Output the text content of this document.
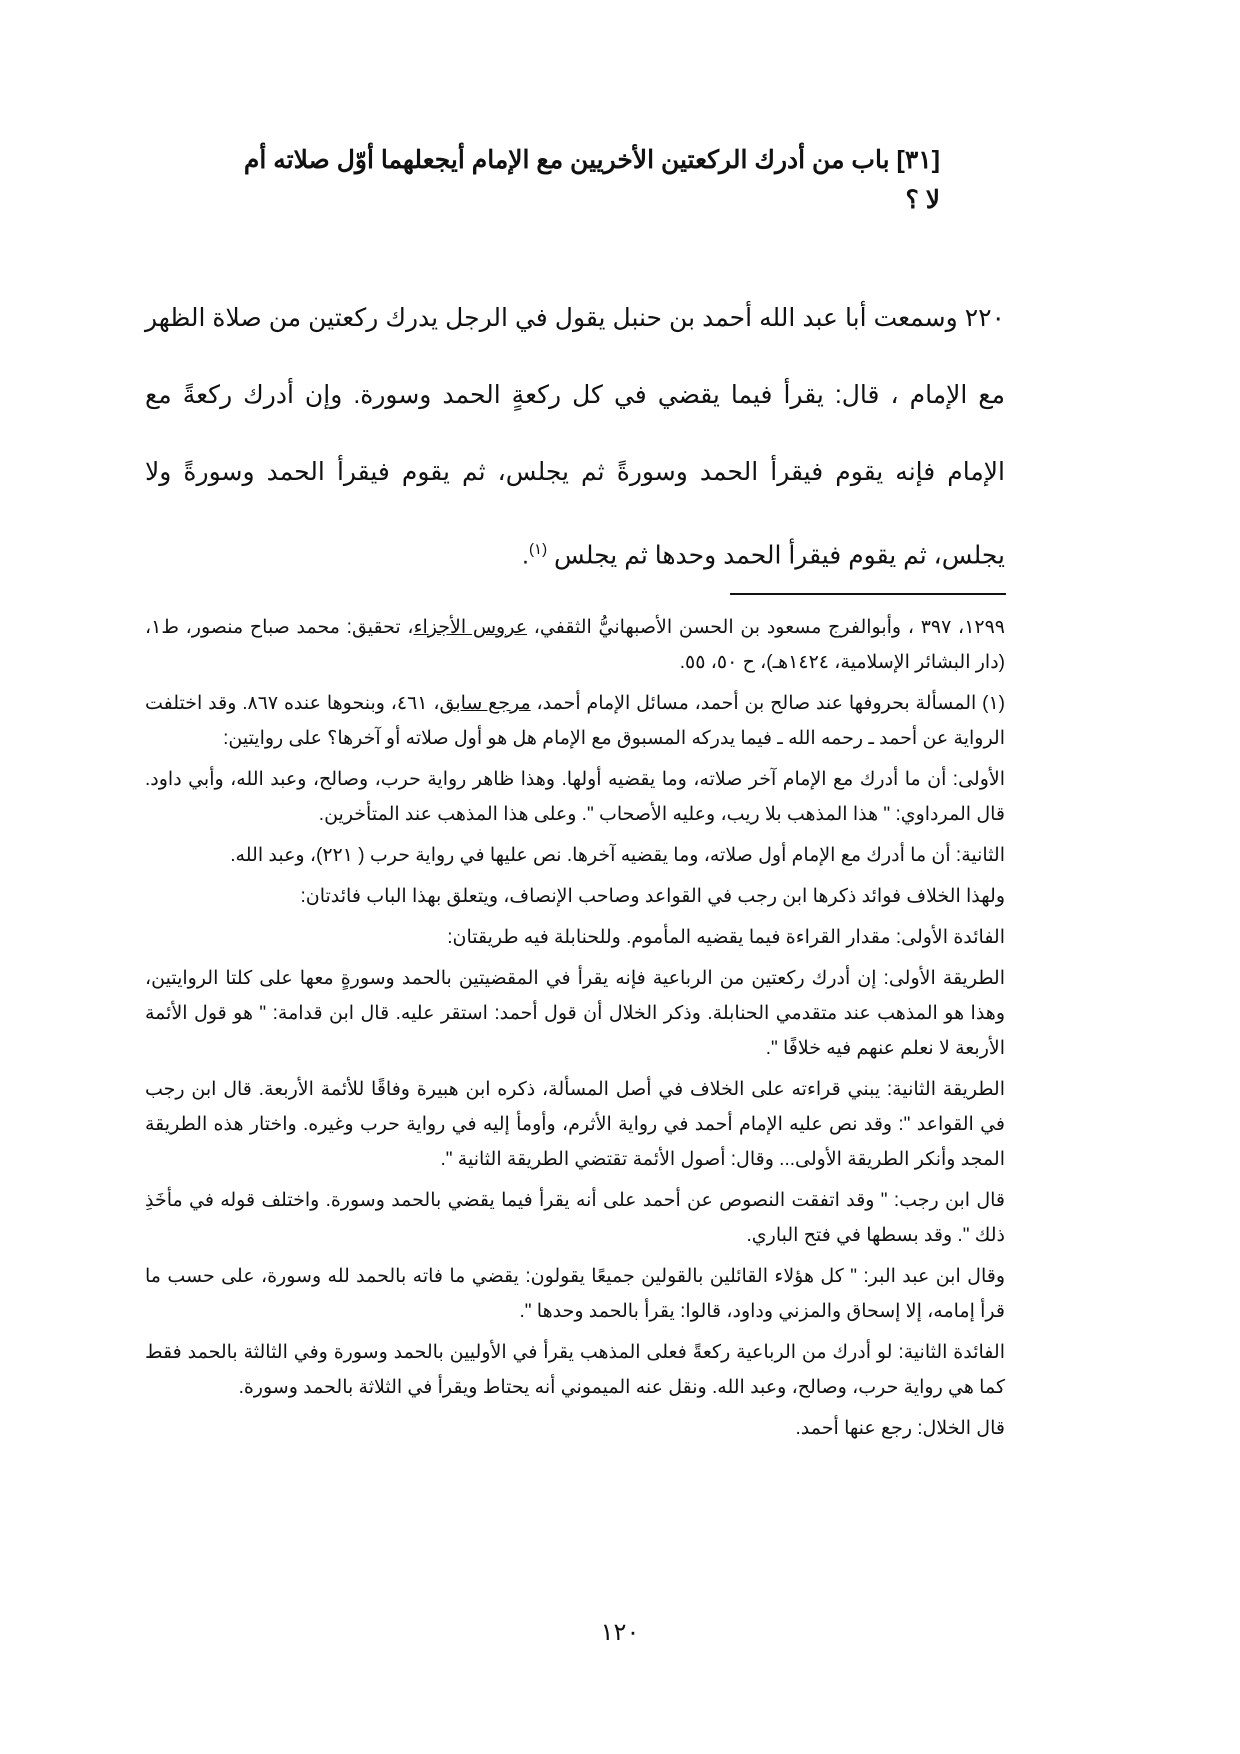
[٣١] باب من أدرك الركعتين الأخريين مع الإمام أيجعلهما أوّل صلاته أم لا ؟

٢٢٠ وسمعت أبا عبد الله أحمد بن حنبل يقول في الرجل يدرك ركعتين من صلاة الظهر مع الإمام ، قال: يقرأ فيما يقضي في كل ركعةٍ الحمد وسورة. وإن أدرك ركعةً مع الإمام فإنه يقوم فيقرأ الحمد وسورةً ثم يجلس، ثم يقوم فيقرأ الحمد وسورةً ولا يجلس، ثم يقوم فيقرأ الحمد وحدها ثم يجلس $^{(١)}$.

١٢٩٩، ٣٩٧ ، وأبوالفرج مسعود بن الحسن الأصبهانيُّ الثقفي، عروس الأجزاء، تحقيق: محمد صباح منصور، ط١، (دار البشائر الإسلامية، ١٤٢٤هـ)، ح ٥٠، ٥٥.

(١) المسألة بحروفها عند صالح بن أحمد، مسائل الإمام أحمد، مرجع سابق، ٤٦١، وبنحوها عنده ٨٦٧. وقد اختلفت الرواية عن أحمد ـ رحمه الله ـ فيما يدركه المسبوق مع الإمام هل هو أول صلاته أو آخرها؟ على روايتين:

الأولى: أن ما أدرك مع الإمام آخر صلاته، وما يقضيه أولها. وهذا ظاهر رواية حرب، وصالح، وعبد الله، وأبي داود. قال المرداوي: " هذا المذهب بلا ريب، وعليه الأصحاب ". وعلى هذا المذهب عند المتأخرين.

الثانية: أن ما أدرك مع الإمام أول صلاته، وما يقضيه آخرها. نص عليها في رواية حرب ( ٢٢١)، وعبد الله.

ولهذا الخلاف فوائد ذكرها ابن رجب في القواعد وصاحب الإنصاف، ويتعلق بهذا الباب فائدتان:

الفائدة الأولى: مقدار القراءة فيما يقضيه المأموم. وللحنابلة فيه طريقتان:

الطريقة الأولى: إن أدرك ركعتين من الرباعية فإنه يقرأ في المقضيتين بالحمد وسورةٍ معها على كلتا الروايتين، وهذا هو المذهب عند متقدمي الحنابلة. وذكر الخلال أن قول أحمد: استقر عليه. قال ابن قدامة: " هو قول الأئمة الأربعة لا نعلم عنهم فيه خلافًا ".

الطريقة الثانية: يبني قراءته على الخلاف في أصل المسألة، ذكره ابن هبيرة وفاقًا للأئمة الأربعة. قال ابن رجب في القواعد ": وقد نص عليه الإمام أحمد في رواية الأثرم، وأومأ إليه في رواية حرب وغيره. واختار هذه الطريقة المجد وأنكر الطريقة الأولى... وقال: أصول الأئمة تقتضي الطريقة الثانية ".

قال ابن رجب: " وقد اتفقت النصوص عن أحمد على أنه يقرأ فيما يقضي بالحمد وسورة. واختلف قوله في مأخَذِ ذلك ". وقد بسطها في فتح الباري.

وقال ابن عبد البر: " كل هؤلاء القائلين بالقولين جميعًا يقولون: يقضي ما فاته بالحمد لله وسورة، على حسب ما قرأ إمامه، إلا إسحاق والمزني وداود، قالوا: يقرأ بالحمد وحدها ".

الفائدة الثانية: لو أدرك من الرباعية ركعةً فعلى المذهب يقرأ في الأوليين بالحمد وسورة وفي الثالثة بالحمد فقط كما هي رواية حرب، وصالح، وعبد الله. ونقل عنه الميموني أنه يحتاط ويقرأ في الثلاثة بالحمد وسورة.

قال الخلال: رجع عنها أحمد.

١٢٠
